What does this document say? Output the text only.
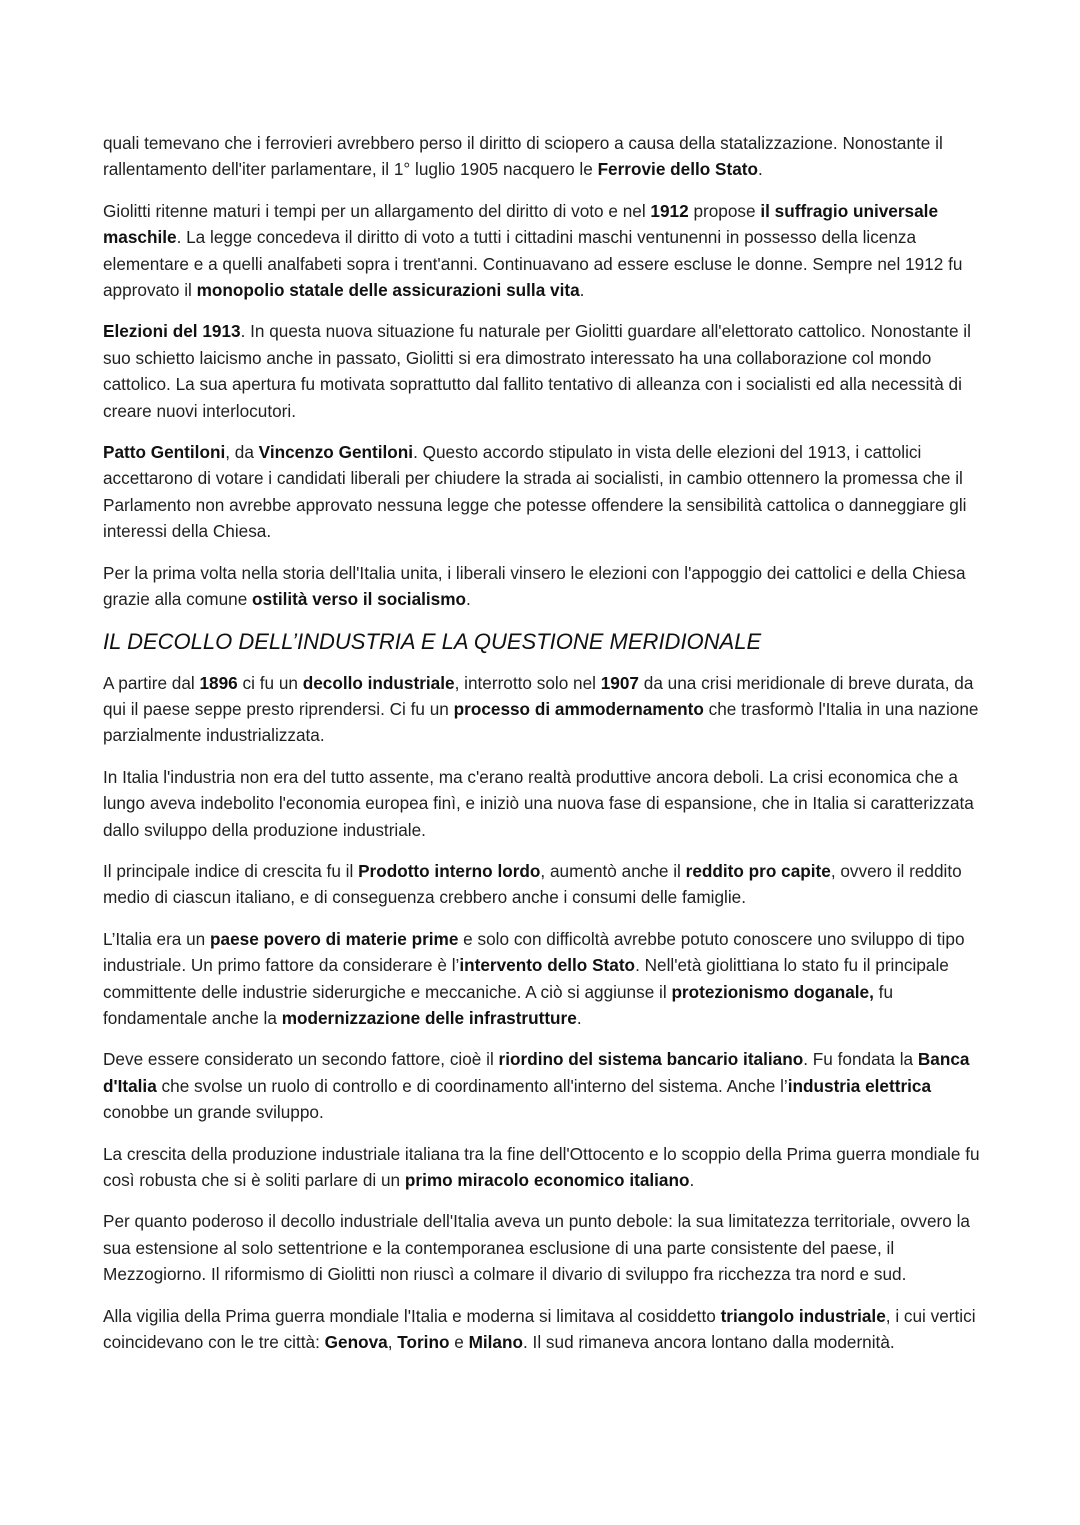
quali temevano che i ferrovieri avrebbero perso il diritto di sciopero a causa della statalizzazione. Nonostante il rallentamento dell'iter parlamentare, il 1° luglio 1905 nacquero le Ferrovie dello Stato.

Giolitti ritenne maturi i tempi per un allargamento del diritto di voto e nel 1912 propose il suffragio universale maschile. La legge concedeva il diritto di voto a tutti i cittadini maschi ventunenni in possesso della licenza elementare e a quelli analfabeti sopra i trent'anni. Continuavano ad essere escluse le donne. Sempre nel 1912 fu approvato il monopolio statale delle assicurazioni sulla vita.

Elezioni del 1913. In questa nuova situazione fu naturale per Giolitti guardare all'elettorato cattolico. Nonostante il suo schietto laicismo anche in passato, Giolitti si era dimostrato interessato ha una collaborazione col mondo cattolico. La sua apertura fu motivata soprattutto dal fallito tentativo di alleanza con i socialisti ed alla necessità di creare nuovi interlocutori.

Patto Gentiloni, da Vincenzo Gentiloni. Questo accordo stipulato in vista delle elezioni del 1913, i cattolici accettarono di votare i candidati liberali per chiudere la strada ai socialisti, in cambio ottennero la promessa che il Parlamento non avrebbe approvato nessuna legge che potesse offendere la sensibilità cattolica o danneggiare gli interessi della Chiesa.

Per la prima volta nella storia dell'Italia unita, i liberali vinsero le elezioni con l'appoggio dei cattolici e della Chiesa grazie alla comune ostilità verso il socialismo.

IL DECOLLO DELL’INDUSTRIA E LA QUESTIONE MERIDIONALE

A partire dal 1896 ci fu un decollo industriale, interrotto solo nel 1907 da una crisi meridionale di breve durata, da qui il paese seppe presto riprendersi. Ci fu un processo di ammodernamento che trasformò l'Italia in una nazione parzialmente industrializzata.

In Italia l'industria non era del tutto assente, ma c'erano realtà produttive ancora deboli. La crisi economica che a lungo aveva indebolito l'economia europea finì, e iniziò una nuova fase di espansione, che in Italia si caratterizzata dallo sviluppo della produzione industriale.

Il principale indice di crescita fu il Prodotto interno lordo, aumentò anche il reddito pro capite, ovvero il reddito medio di ciascun italiano, e di conseguenza crebbero anche i consumi delle famiglie.

L’Italia era un paese povero di materie prime e solo con difficoltà avrebbe potuto conoscere uno sviluppo di tipo industriale. Un primo fattore da considerare è l’intervento dello Stato. Nell'età giolittiana lo stato fu il principale committente delle industrie siderurgiche e meccaniche. A ciò si aggiunse il protezionismo doganale, fu fondamentale anche la modernizzazione delle infrastrutture.

Deve essere considerato un secondo fattore, cioè il riordino del sistema bancario italiano. Fu fondata la Banca d'Italia che svolse un ruolo di controllo e di coordinamento all'interno del sistema. Anche l’industria elettrica conobbe un grande sviluppo.

La crescita della produzione industriale italiana tra la fine dell'Ottocento e lo scoppio della Prima guerra mondiale fu così robusta che si è soliti parlare di un primo miracolo economico italiano.

Per quanto poderoso il decollo industriale dell'Italia aveva un punto debole: la sua limitatezza territoriale, ovvero la sua estensione al solo settentrione e la contemporanea esclusione di una parte consistente del paese, il Mezzogiorno. Il riformismo di Giolitti non riuscì a colmare il divario di sviluppo fra ricchezza tra nord e sud.

Alla vigilia della Prima guerra mondiale l'Italia e moderna si limitava al cosiddetto triangolo industriale, i cui vertici coincidevano con le tre città: Genova, Torino e Milano. Il sud rimaneva ancora lontano dalla modernità.
